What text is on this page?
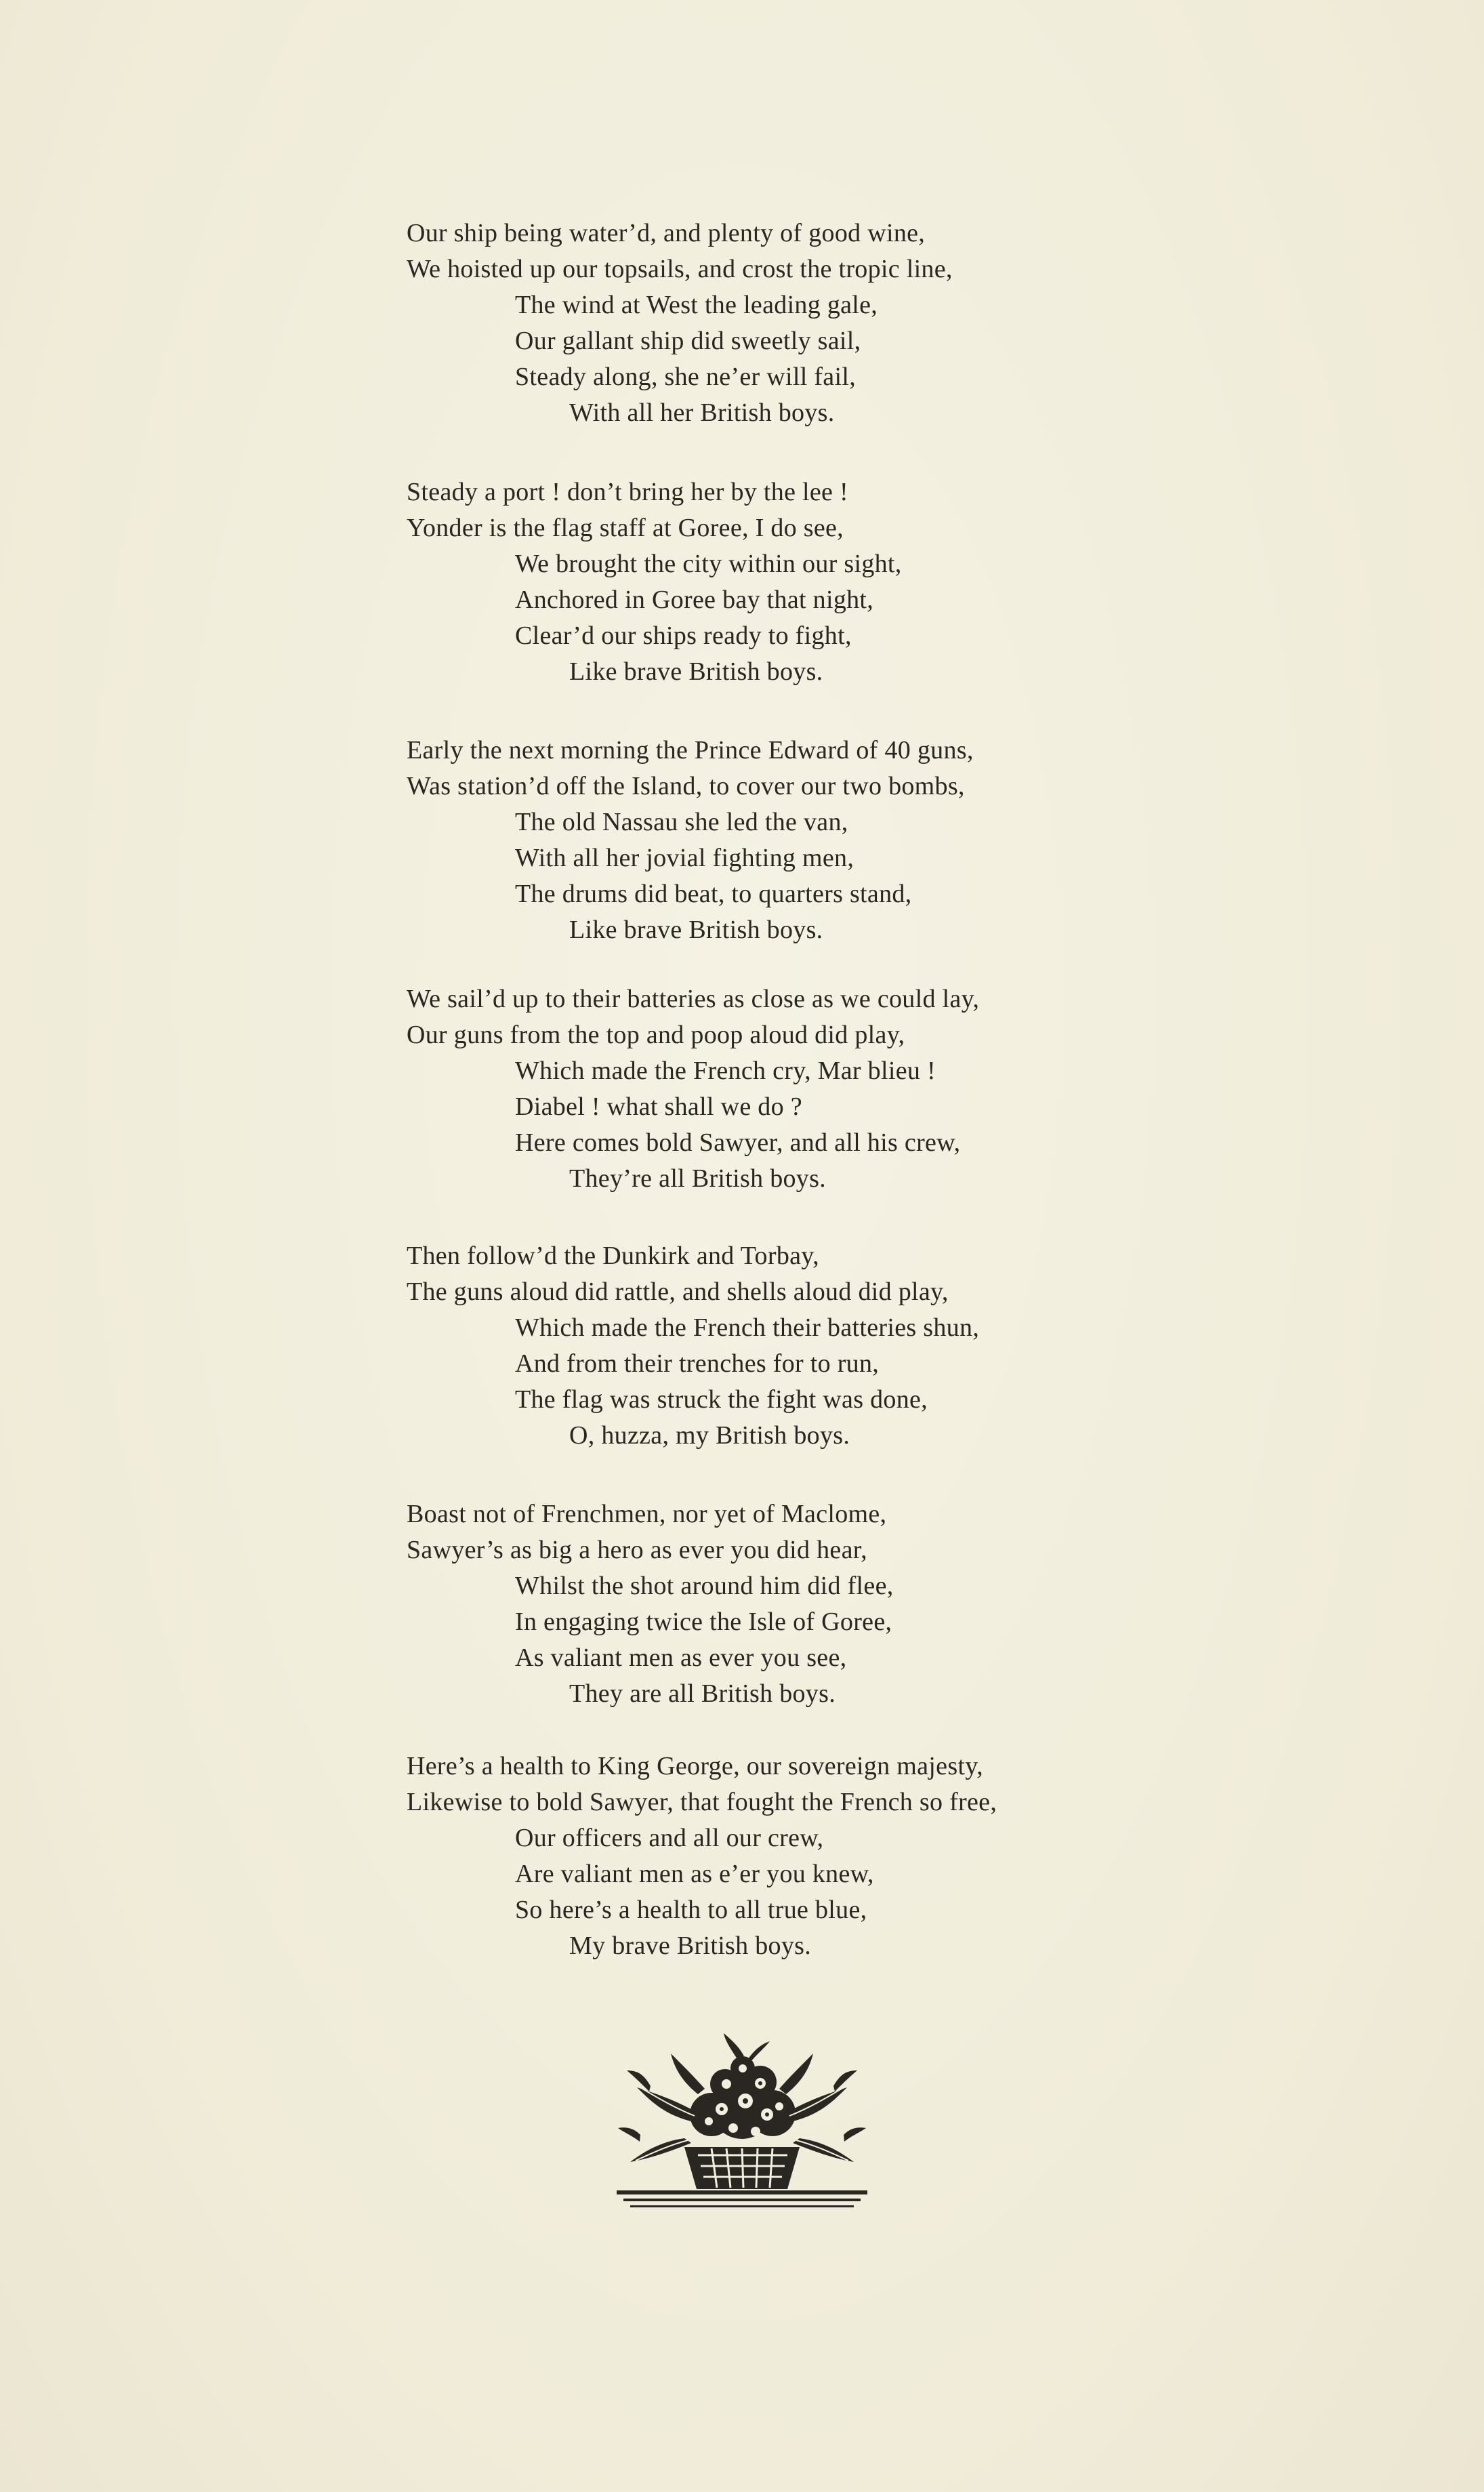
Our ship being water’d, and plenty of good wine,
We hoisted up our topsails, and crost the tropic line,
The wind at West the leading gale,
Our gallant ship did sweetly sail,
Steady along, she ne’er will fail,
With all her British boys.
Steady a port ! don’t bring her by the lee !
Yonder is the flag staff at Goree, I do see,
We brought the city within our sight,
Anchored in Goree bay that night,
Clear’d our ships ready to fight,
Like brave British boys.
Early the next morning the Prince Edward of 40 guns,
Was station’d off the Island, to cover our two bombs,
The old Nassau she led the van,
With all her jovial fighting men,
The drums did beat, to quarters stand,
Like brave British boys.
We sail’d up to their batteries as close as we could lay,
Our guns from the top and poop aloud did play,
Which made the French cry, Mar blieu !
Diabel ! what shall we do ?
Here comes bold Sawyer, and all his crew,
They’re all British boys.
Then follow’d the Dunkirk and Torbay,
The guns aloud did rattle, and shells aloud did play,
Which made the French their batteries shun,
And from their trenches for to run,
The flag was struck the fight was done,
O, huzza, my British boys.
Boast not of Frenchmen, nor yet of Maclome,
Sawyer’s as big a hero as ever you did hear,
Whilst the shot around him did flee,
In engaging twice the Isle of Goree,
As valiant men as ever you see,
They are all British boys.
Here’s a health to King George, our sovereign majesty,
Likewise to bold Sawyer, that fought the French so free,
Our officers and all our crew,
Are valiant men as e’er you knew,
So here’s a health to all true blue,
My brave British boys.
